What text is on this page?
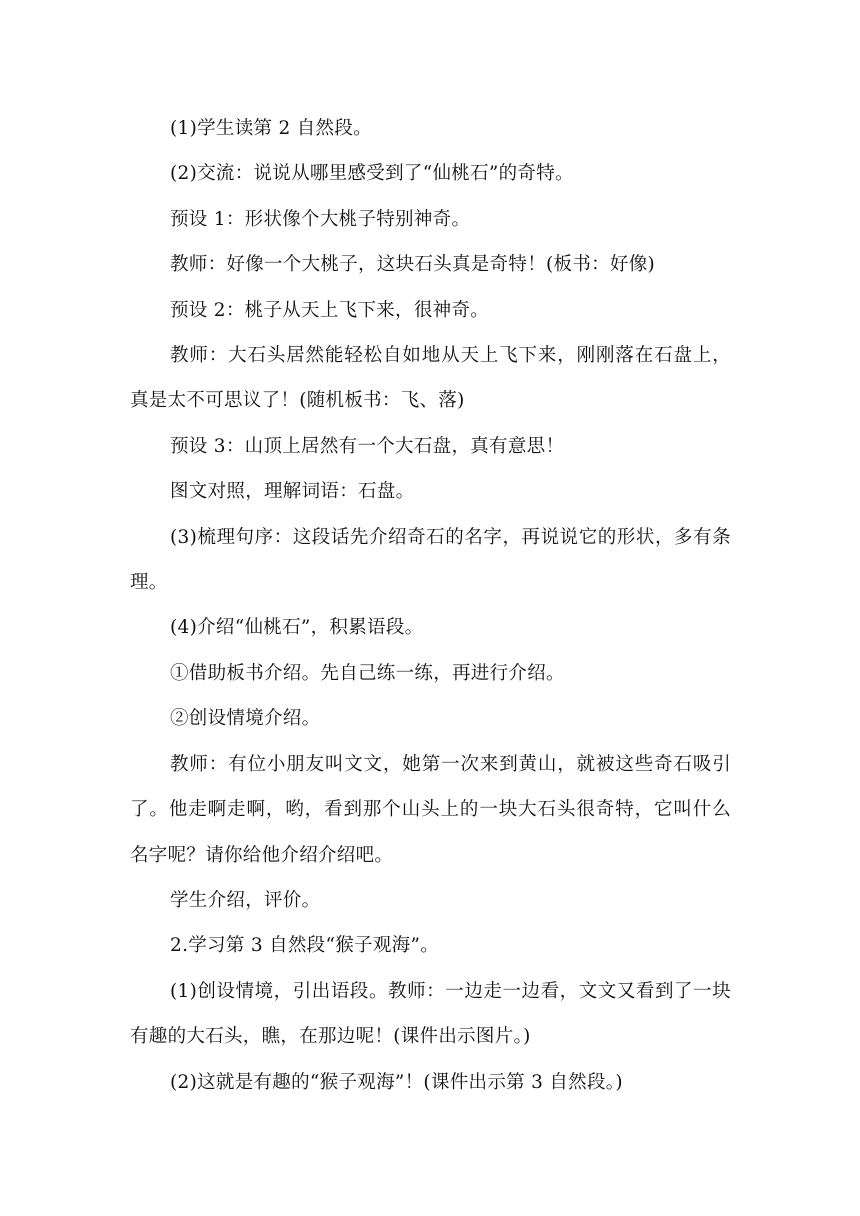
(1)学生读第 2 自然段。

(2)交流：说说从哪里感受到了“仙桃石”的奇特。

预设 1：形状像个大桃子特别神奇。

教师：好像一个大桃子，这块石头真是奇特！(板书：好像)

预设 2：桃子从天上飞下来，很神奇。

教师：大石头居然能轻松自如地从天上飞下来，刚刚落在石盘上，真是太不可思议了！(随机板书：飞、落)

预设 3：山顶上居然有一个大石盘，真有意思！

图文对照，理解词语：石盘。

(3)梳理句序：这段话先介绍奇石的名字，再说说它的形状，多有条理。

(4)介绍“仙桃石”，积累语段。

①借助板书介绍。先自己练一练，再进行介绍。

②创设情境介绍。

教师：有位小朋友叫文文，她第一次来到黄山，就被这些奇石吸引了。他走啊走啊，哟，看到那个山头上的一块大石头很奇特，它叫什么名字呢？请你给他介绍介绍吧。

学生介绍，评价。

2.学习第 3 自然段“猴子观海”。

(1)创设情境，引出语段。教师：一边走一边看，文文又看到了一块有趣的大石头，瞧，在那边呢！(课件出示图片。)

(2)这就是有趣的“猴子观海”！(课件出示第 3 自然段。)
